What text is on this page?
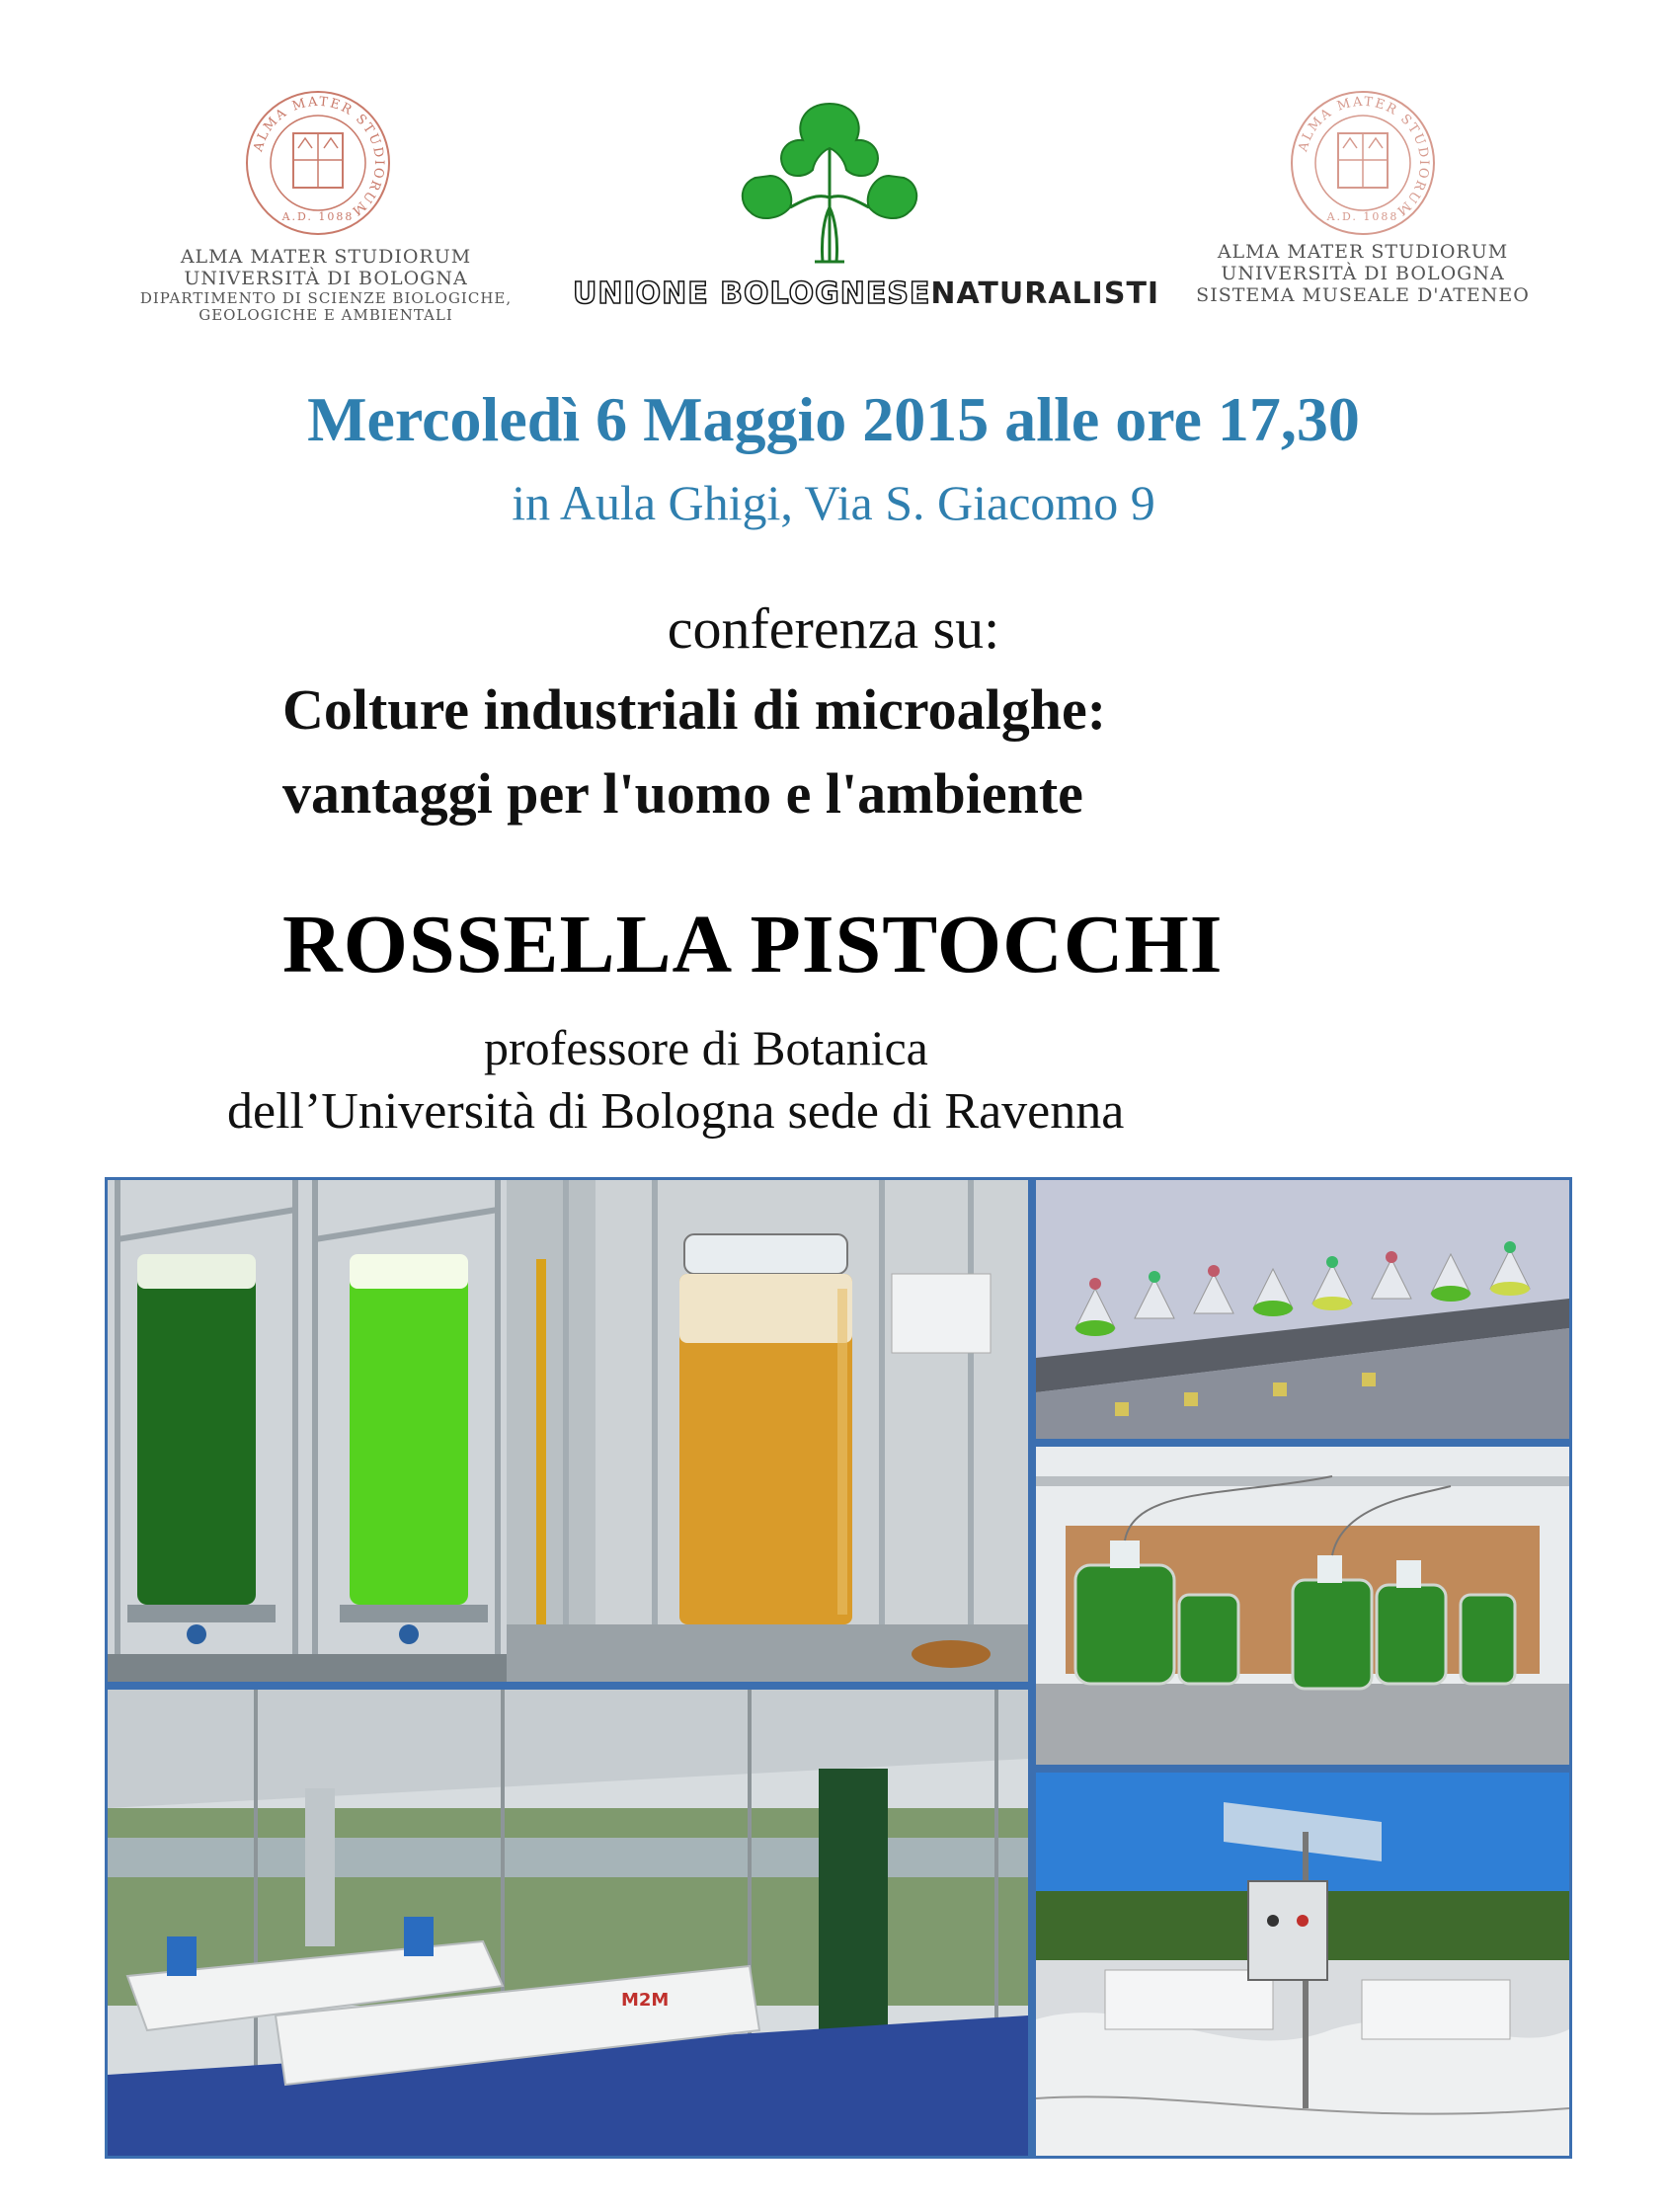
ALMA MATER STUDIORUM
A.D. 1088
ALMA MATER STUDIORUM
UNIVERSITÀ DI BOLOGNA
DIPARTIMENTO DI SCIENZE BIOLOGICHE,
GEOLOGICHE E AMBIENTALI
UNIONE BOLOGNESENATURALISTI
ALMA MATER STUDIORUM
A.D. 1088
ALMA MATER STUDIORUM
UNIVERSITÀ DI BOLOGNA
SISTEMA MUSEALE D'ATENEO
Mercoledì 6 Maggio 2015 alle ore 17,30
in Aula Ghigi, Via S. Giacomo 9
conferenza su:
Colture industriali di microalghe:
vantaggi per l'uomo e l'ambiente
ROSSELLA PISTOCCHI
professore di Botanica
dell’Università di Bologna sede di Ravenna
M2M
